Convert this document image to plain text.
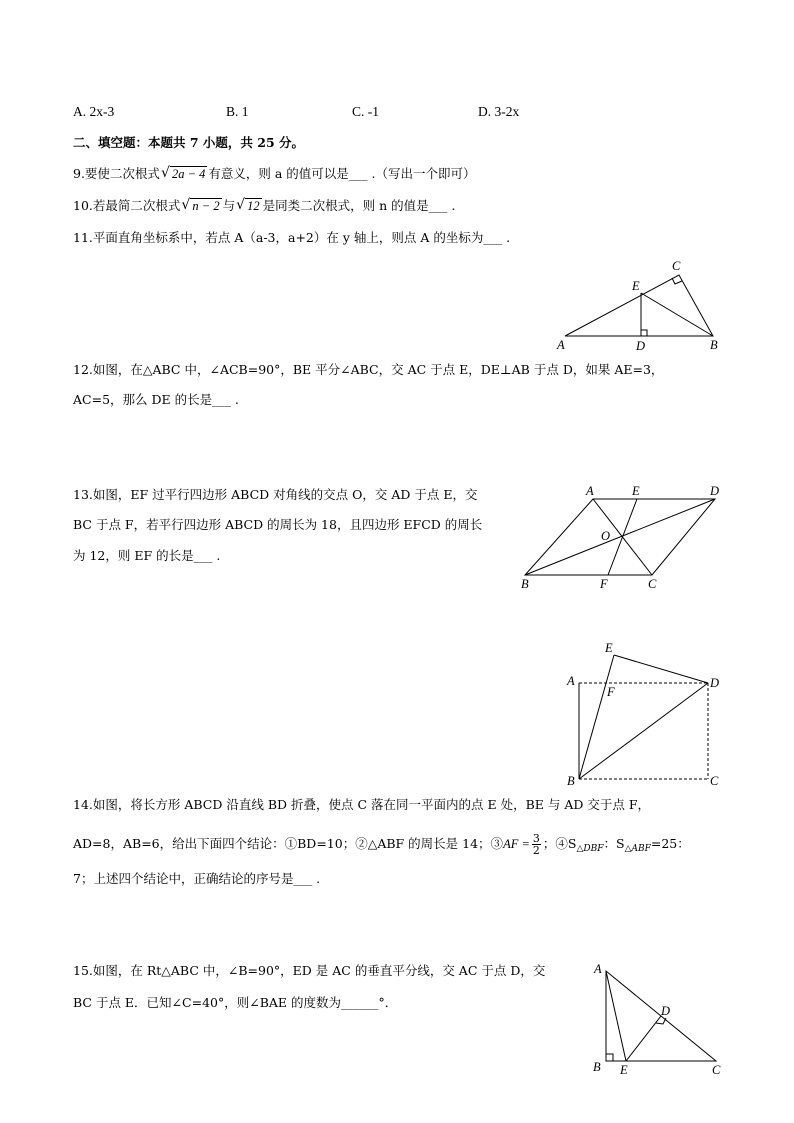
A. 2x-3	B. 1	C. -1	D. 3-2x
二、填空题：本题共 7 小题，共 25 分。
9.要使二次根式 √ 2a − 4 有意义，则 a 的值可以是___ .（写出一个即可）
10.若最简二次根式 √ n − 2 与 √ 12 是同类二次根式，则 n 的值是___ .
11.平面直角坐标系中，若点 A（a-3，a+2）在 y 轴上，则点 A 的坐标为___ .
A	B
C
D
E
12.如图，在△ABC 中，∠ACB=90°，BE 平分∠ABC，交 AC 于点 E，DE⊥AB 于点 D，如果 AE=3，
AC=5，那么 DE 的长是___ .
13.如图，EF 过平行四边形 ABCD 对角线的交点 O，交 AD 于点 E，交
BC 于点 F，若平行四边形 ABCD 的周长为 18，且四边形 EFCD 的周长
为 12，则 EF 的长是___ .
A	E	D
O
B	F	C
E
A
F
D
B	C
14.如图，将长方形 ABCD 沿直线 BD 折叠，使点 C 落在同一平面内的点 E 处，BE 与 AD 交于点 F，
AD=8，AB=6，给出下面四个结论：①BD=10；②△ABF 的周长是 14；③AF = $\frac{3}{2}$ ；$④S_{\triangle DBF}$：$S_{\triangle ABF}=25$：
7；上述四个结论中，正确结论的序号是___ .
15.如图，在 Rt△ABC 中，∠B=90°，ED 是 AC 的垂直平分线，交 AC 于点 D，交
BC 于点 E．已知∠C=40°，则∠BAE 的度数为______°．
A
D
B E	C
